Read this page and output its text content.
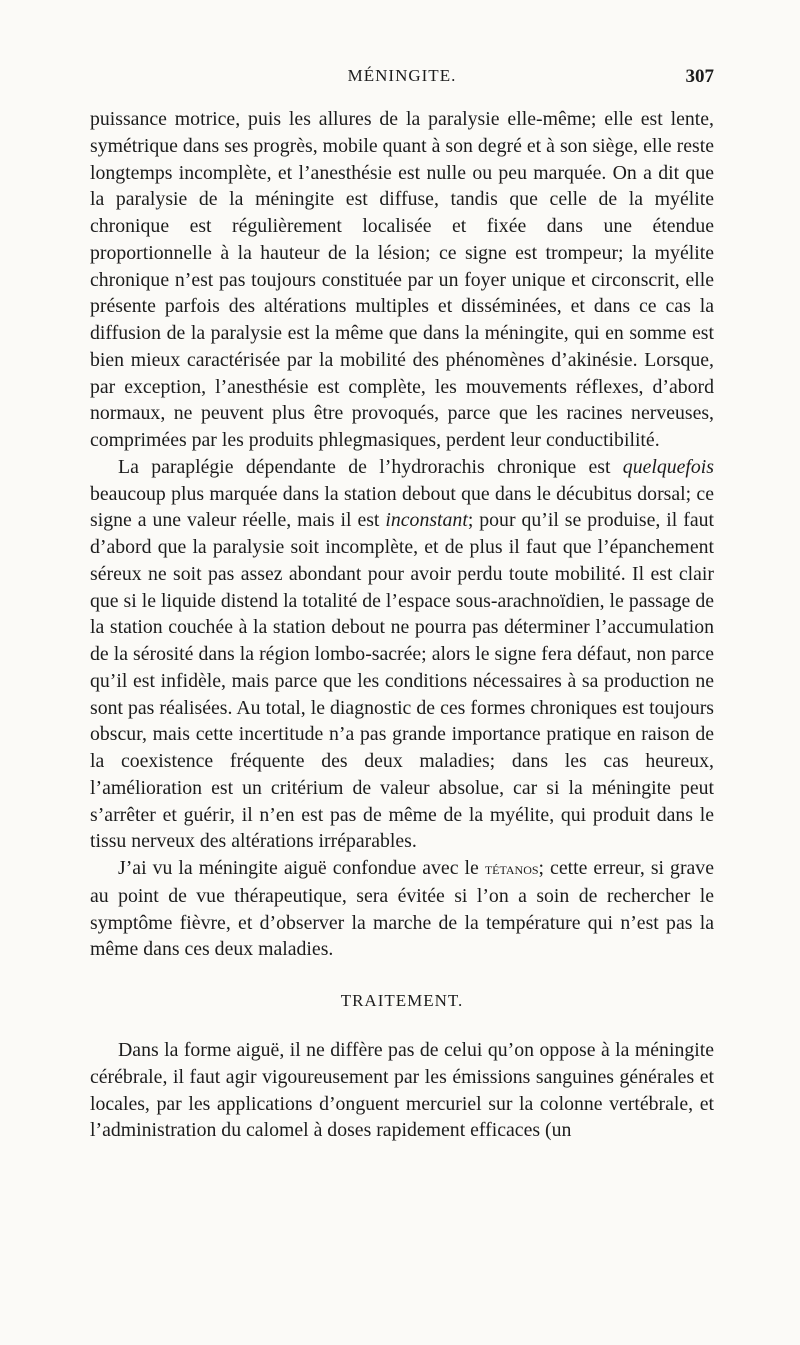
MÉNINGITE.	307

puissance motrice, puis les allures de la paralysie elle-même; elle est lente, symétrique dans ses progrès, mobile quant à son degré et à son siège, elle reste longtemps incomplète, et l’anesthésie est nulle ou peu marquée. On a dit que la paralysie de la méningite est diffuse, tandis que celle de la myélite chronique est régulièrement localisée et fixée dans une étendue proportionnelle à la hauteur de la lésion; ce signe est trompeur; la myélite chronique n’est pas toujours constituée par un foyer unique et circonscrit, elle présente parfois des altérations multiples et disséminées, et dans ce cas la diffusion de la paralysie est la même que dans la méningite, qui en somme est bien mieux caractérisée par la mobilité des phénomènes d’akinésie. Lorsque, par exception, l’anesthésie est complète, les mouvements réflexes, d’abord normaux, ne peuvent plus être provoqués, parce que les racines nerveuses, comprimées par les produits phlegmasiques, perdent leur conductibilité.

La paraplégie dépendante de l’hydrorachis chronique est quelquefois beaucoup plus marquée dans la station debout que dans le décubitus dorsal; ce signe a une valeur réelle, mais il est inconstant; pour qu’il se produise, il faut d’abord que la paralysie soit incomplète, et de plus il faut que l’épanchement séreux ne soit pas assez abondant pour avoir perdu toute mobilité. Il est clair que si le liquide distend la totalité de l’espace sous-arachnoïdien, le passage de la station couchée à la station debout ne pourra pas déterminer l’accumulation de la sérosité dans la région lombo-sacrée; alors le signe fera défaut, non parce qu’il est infidèle, mais parce que les conditions nécessaires à sa production ne sont pas réalisées. Au total, le diagnostic de ces formes chroniques est toujours obscur, mais cette incertitude n’a pas grande importance pratique en raison de la coexistence fréquente des deux maladies; dans les cas heureux, l’amélioration est un critérium de valeur absolue, car si la méningite peut s’arrêter et guérir, il n’en est pas de même de la myélite, qui produit dans le tissu nerveux des altérations irréparables.

J’ai vu la méningite aiguë confondue avec le tétanos; cette erreur, si grave au point de vue thérapeutique, sera évitée si l’on a soin de rechercher le symptôme fièvre, et d’observer la marche de la température qui n’est pas la même dans ces deux maladies.

TRAITEMENT.

Dans la forme aiguë, il ne diffère pas de celui qu’on oppose à la méningite cérébrale, il faut agir vigoureusement par les émissions sanguines générales et locales, par les applications d’onguent mercuriel sur la colonne vertébrale, et l’administration du calomel à doses rapidement efficaces (un
